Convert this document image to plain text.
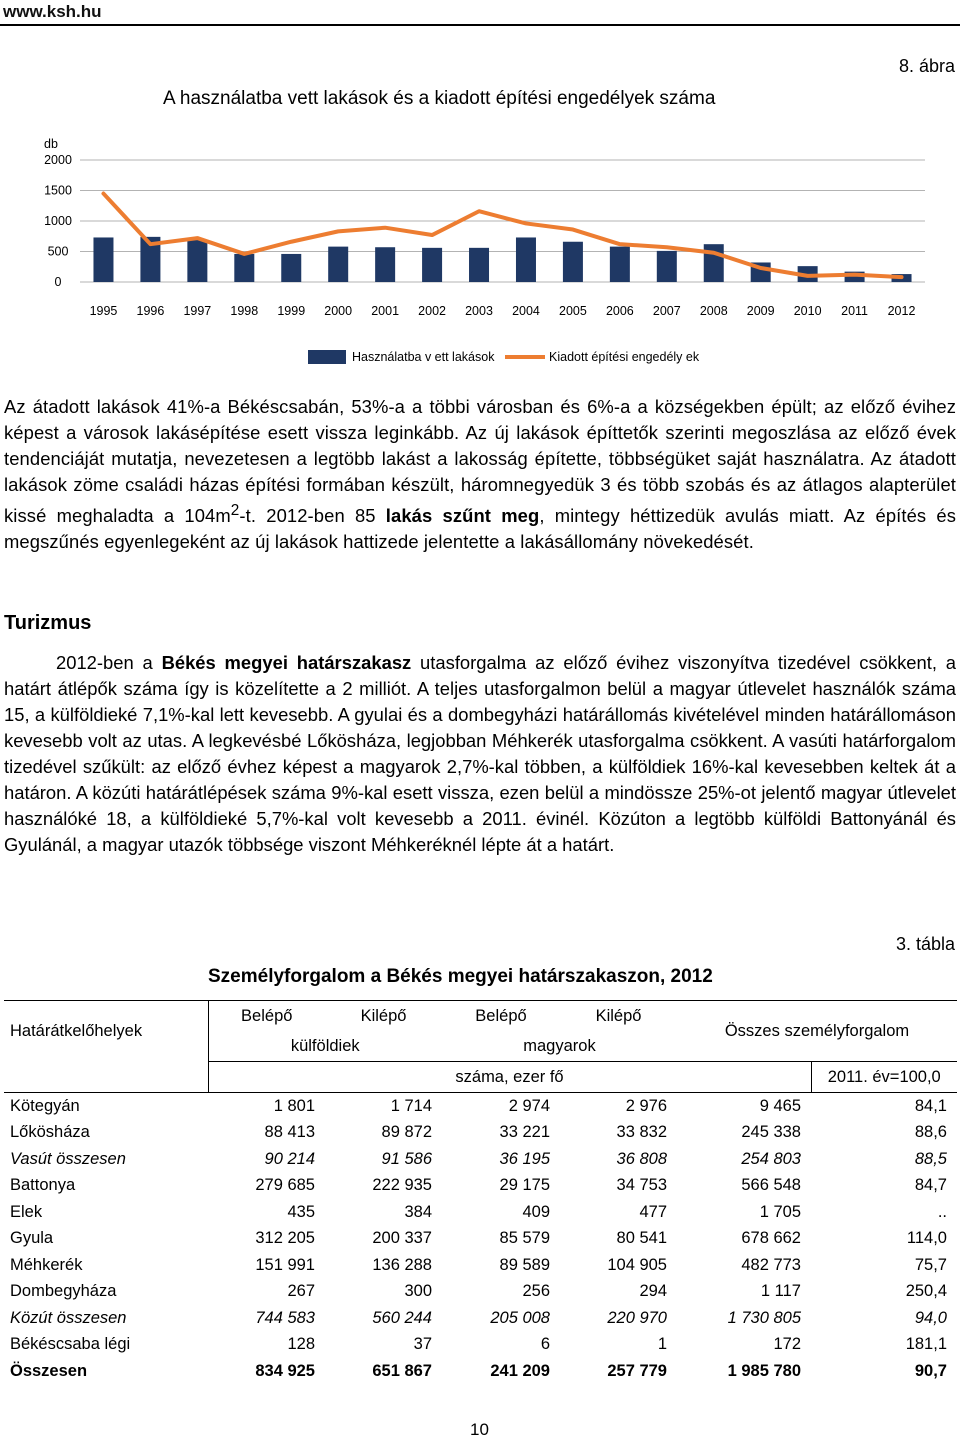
www.ksh.hu
8. ábra
A használatba vett lakások és a kiadott építési engedélyek száma
db
0
500
1000
1500
2000
1995 1996 1997 1998 1999 2000 2001 2002 2003 2004 2005 2006 2007 2008 2009 2010 2011 2012
Használatba v ett lakások	Kiadott építési engedély ek

Az átadott lakások 41%-a Békéscsabán, 53%-a a többi városban és 6%-a a községekben épült; az előző évihez képest a városok lakásépítése esett vissza leginkább. Az új lakások építtetők szerinti megoszlása az előző évek tendenciáját mutatja, nevezetesen a legtöbb lakást a lakosság építette, többségüket saját használatra. Az átadott lakások zöme családi házas építési formában készült, háromnegyedük 3 és több szobás és az átlagos alapterület kissé meghaladta a $104m^2-t$. 2012-ben 85 lakás szűnt meg, mintegy héttizedük avulás miatt. Az építés és megszűnés egyenlegeként az új lakások hattizede jelentette a lakásállomány növekedését.

Turizmus

2012-ben a Békés megyei határszakasz utasforgalma az előző évihez viszonyítva tizedével csökkent, a határt átlépők száma így is közelítette a 2 milliót. A teljes utasforgalmon belül a magyar útlevelet használók száma 15, a külföldieké 7,1%-kal lett kevesebb. A gyulai és a dombegyházi határállomás kivételével minden határállomáson kevesebb volt az utas. A legkevésbé Lőkösháza, legjobban Méhkerék utasforgalma csökkent. A vasúti határforgalom tizedével szűkült: az előző évhez képest a magyarok 2,7%-kal többen, a külföldiek 16%-kal kevesebben keltek át a határon. A közúti határátlépések száma 9%-kal esett vissza, ezen belül a mindössze 25%-ot jelentő magyar útlevelet használóké 18, a külföldieké 5,7%-kal volt kevesebb a 2011. évinél. Közúton a legtöbb külföldi Battonyánál és Gyulánál, a magyar utazók többsége viszont Méhkeréknél lépte át a határt.

3. tábla
Személyforgalom a Békés megyei határszakaszon, 2012
Határátkelőhelyek	Belépő	Kilépő	Belépő	Kilépő	Összes személyforgalom	
	külföldiek		magyarok			
	száma, ezer fő					2011. év=100,0
Kötegyán	1 801	1 714	2 974	2 976	9 465	84,1
Lőkösháza	88 413	89 872	33 221	33 832	245 338	88,6
Vasút összesen	90 214	91 586	36 195	36 808	254 803	88,5
Battonya	279 685	222 935	29 175	34 753	566 548	84,7
Elek	435	384	409	477	1 705	..
Gyula	312 205	200 337	85 579	80 541	678 662	114,0
Méhkerék	151 991	136 288	89 589	104 905	482 773	75,7
Dombegyháza	267	300	256	294	1 117	250,4
Közút összesen	744 583	560 244	205 008	220 970	1 730 805	94,0
Békéscsaba légi	128	37	6	1	172	181,1
Összesen	834 925	651 867	241 209	257 779	1 985 780	90,7
10
